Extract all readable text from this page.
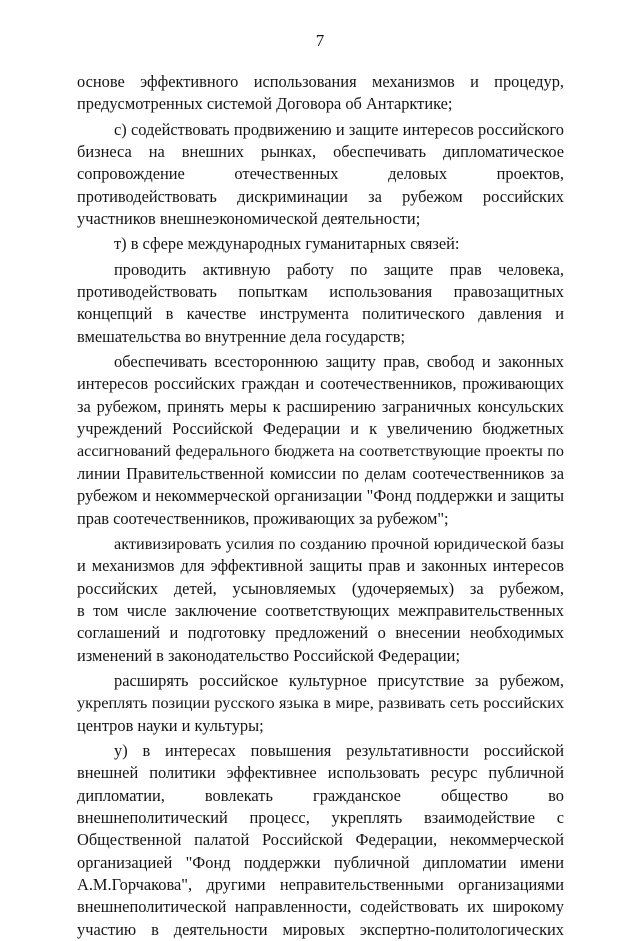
7
основе эффективного использования механизмов и процедур,
предусмотренных системой Договора об Антарктике;
с) содействовать продвижению и защите интересов российского
бизнеса на внешних рынках, обеспечивать дипломатическое
сопровождение отечественных деловых проектов,
противодействовать дискриминации за рубежом российских
участников внешнеэкономической деятельности;
т) в сфере международных гуманитарных связей:
проводить активную работу по защите прав человека,
противодействовать попыткам использования правозащитных
концепций в качестве инструмента политического давления и
вмешательства во внутренние дела государств;
обеспечивать всестороннюю защиту прав, свобод и законных
интересов российских граждан и соотечественников, проживающих
за рубежом, принять меры к расширению заграничных консульских
учреждений Российской Федерации и к увеличению бюджетных
ассигнований федерального бюджета на соответствующие проекты по
линии Правительственной комиссии по делам соотечественников за
рубежом и некоммерческой организации "Фонд поддержки и защиты
прав соотечественников, проживающих за рубежом";
активизировать усилия по созданию прочной юридической базы
и механизмов для эффективной защиты прав и законных интересов
российских детей, усыновляемых (удочеряемых) за рубежом,
в том числе заключение соответствующих межправительственных
соглашений и подготовку предложений о внесении необходимых
изменений в законодательство Российской Федерации;
расширять российское культурное присутствие за рубежом,
укреплять позиции русского языка в мире, развивать сеть российских
центров науки и культуры;
у) в интересах повышения результативности российской
внешней политики эффективнее использовать ресурс публичной
дипломатии, вовлекать гражданское общество во
внешнеполитический процесс, укреплять взаимодействие с
Общественной палатой Российской Федерации, некоммерческой
организацией "Фонд поддержки публичной дипломатии имени
А.М.Горчакова", другими неправительственными организациями
внешнеполитической направленности, содействовать их широкому
участию в деятельности мировых экспертно-политологических
